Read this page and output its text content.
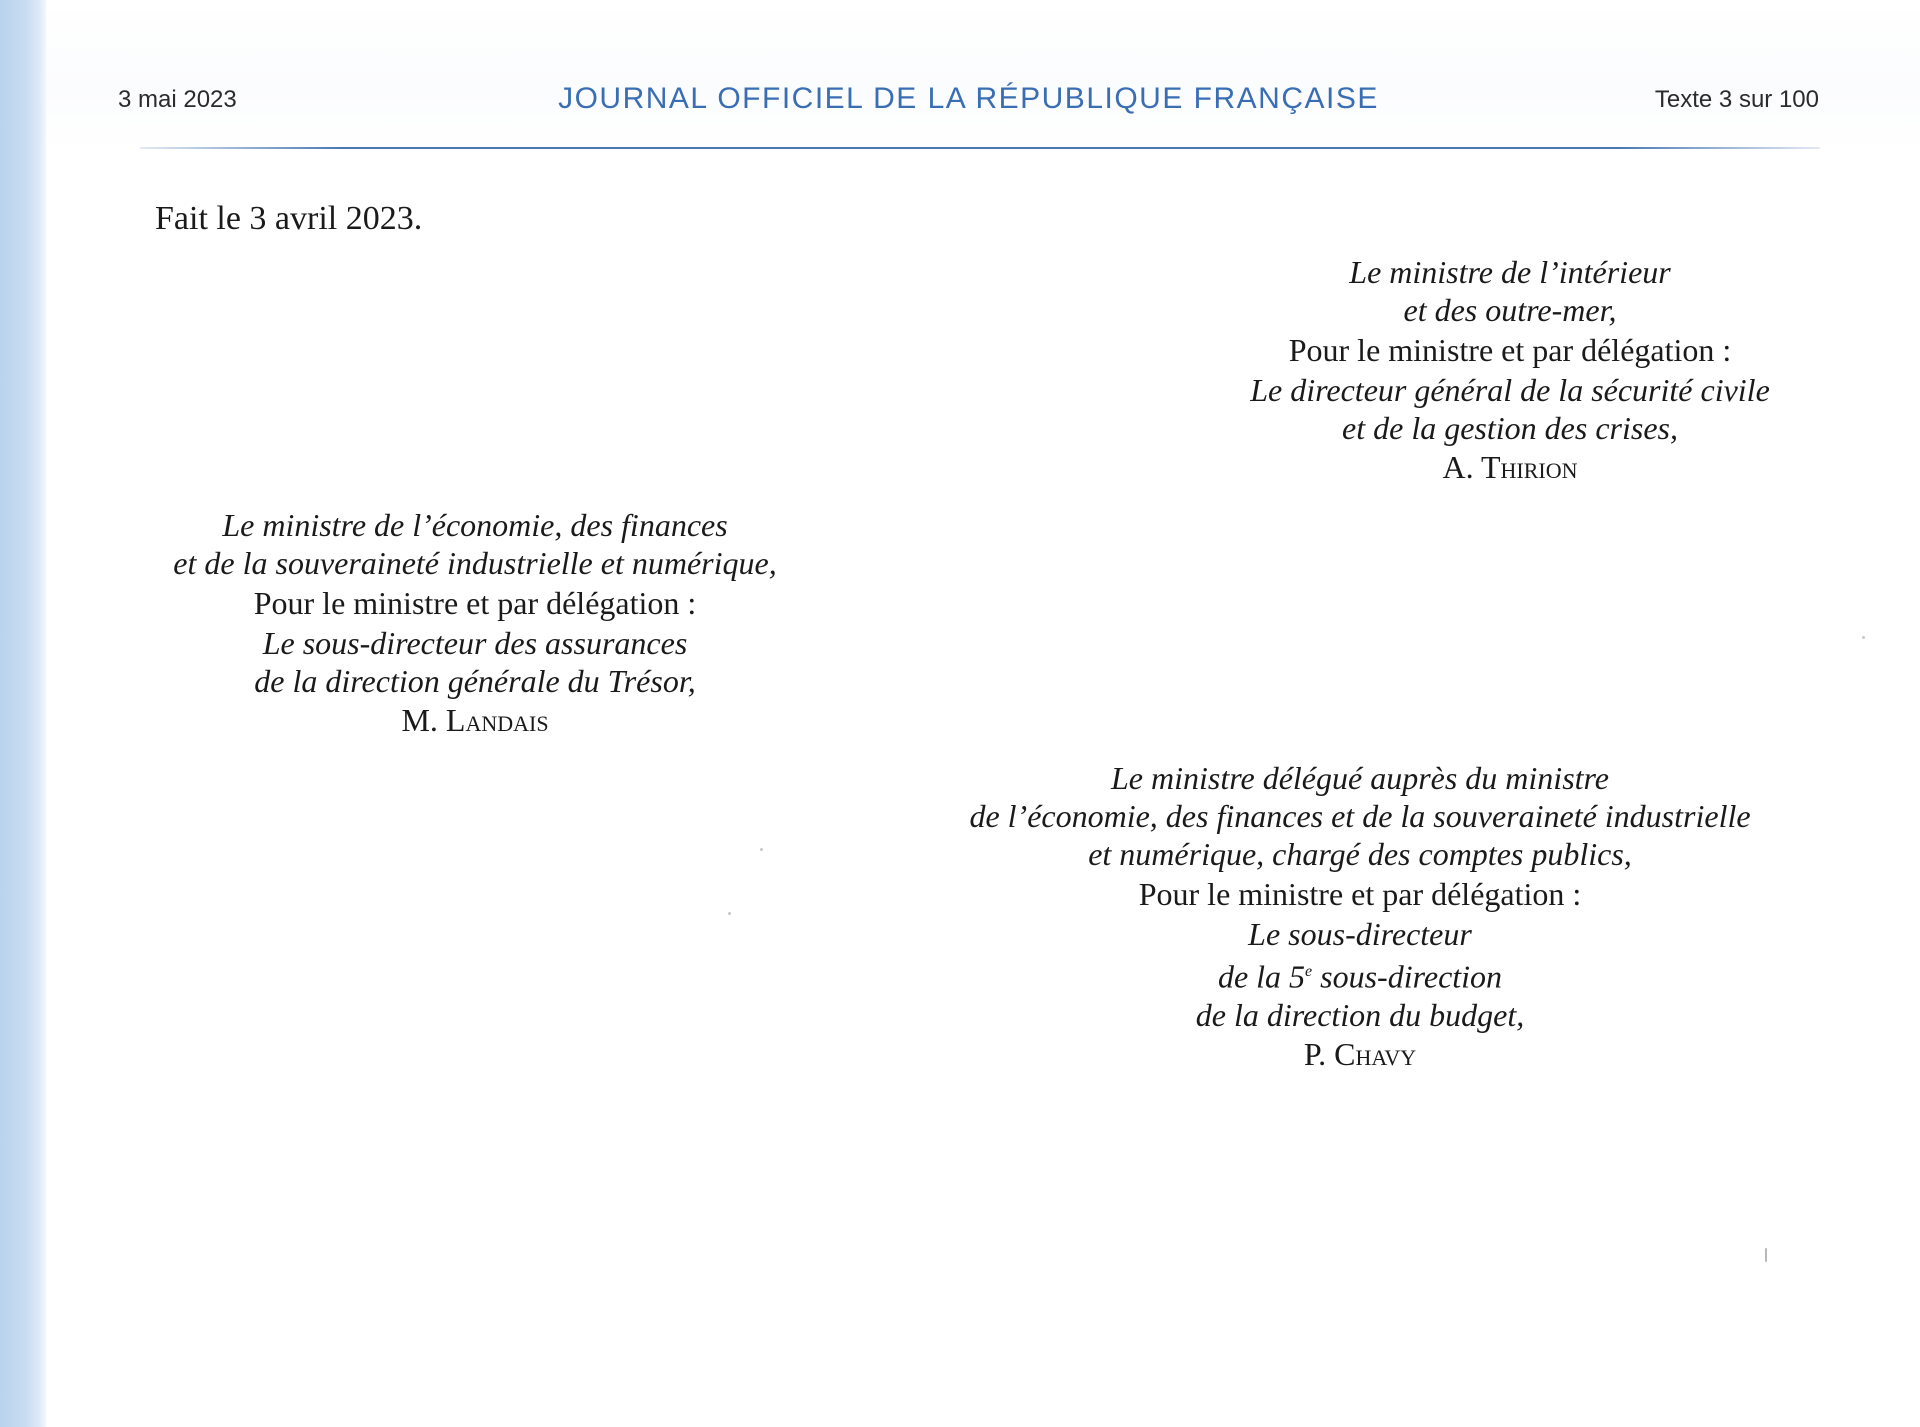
3 mai 2023	JOURNAL OFFICIEL DE LA RÉPUBLIQUE FRANÇAISE	Texte 3 sur 100
Fait le 3 avril 2023.
Le ministre de l’intérieur
et des outre-mer,
Pour le ministre et par délégation :
Le directeur général de la sécurité civile
et de la gestion des crises,
A. Thirion
Le ministre de l’économie, des finances
et de la souveraineté industrielle et numérique,
Pour le ministre et par délégation :
Le sous-directeur des assurances
de la direction générale du Trésor,
M. Landais
Le ministre délégué auprès du ministre
de l’économie, des finances et de la souveraineté industrielle
et numérique, chargé des comptes publics,
Pour le ministre et par délégation :
Le sous-directeur
de la 5e sous-direction
de la direction du budget,
P. Chavy
